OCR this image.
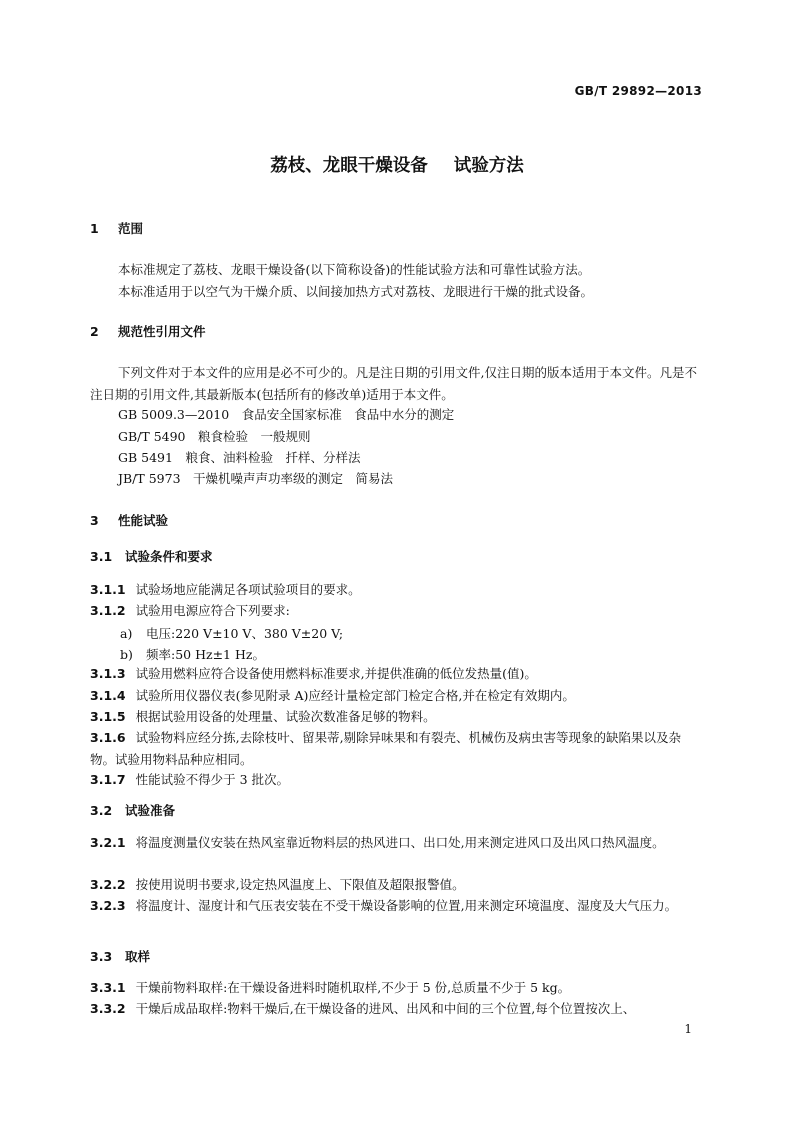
GB/T 29892—2013
荔枝、龙眼干燥设备 试验方法
1 范围
本标准规定了荔枝、龙眼干燥设备(以下简称设备)的性能试验方法和可靠性试验方法。
本标准适用于以空气为干燥介质、以间接加热方式对荔枝、龙眼进行干燥的批式设备。
2 规范性引用文件
下列文件对于本文件的应用是必不可少的。凡是注日期的引用文件,仅注日期的版本适用于本文件。凡是不注日期的引用文件,其最新版本(包括所有的修改单)适用于本文件。
GB 5009.3—2010　食品安全国家标准　食品中水分的测定
GB/T 5490　粮食检验　一般规则
GB 5491　粮食、油料检验　扦样、分样法
JB/T 5973　干燥机噪声声功率级的测定　简易法
3 性能试验
3.1 试验条件和要求
3.1.1 试验场地应能满足各项试验项目的要求。
3.1.2 试验用电源应符合下列要求:
a) 电压:220 V±10 V、380 V±20 V;
b) 频率:50 Hz±1 Hz。
3.1.3 试验用燃料应符合设备使用燃料标准要求,并提供准确的低位发热量(值)。
3.1.4 试验所用仪器仪表(参见附录 A)应经计量检定部门检定合格,并在检定有效期内。
3.1.5 根据试验用设备的处理量、试验次数准备足够的物料。
3.1.6 试验物料应经分拣,去除枝叶、留果蒂,剔除异味果和有裂壳、机械伤及病虫害等现象的缺陷果以及杂物。试验用物料品种应相同。
3.1.7 性能试验不得少于 3 批次。
3.2 试验准备
3.2.1 将温度测量仪安装在热风室靠近物料层的热风进口、出口处,用来测定进风口及出风口热风温度。
3.2.2 按使用说明书要求,设定热风温度上、下限值及超限报警值。
3.2.3 将温度计、湿度计和气压表安装在不受干燥设备影响的位置,用来测定环境温度、湿度及大气压力。
3.3 取样
3.3.1 干燥前物料取样:在干燥设备进料时随机取样,不少于 5 份,总质量不少于 5 kg。
3.3.2 干燥后成品取样:物料干燥后,在干燥设备的进风、出风和中间的三个位置,每个位置按次上、
1
